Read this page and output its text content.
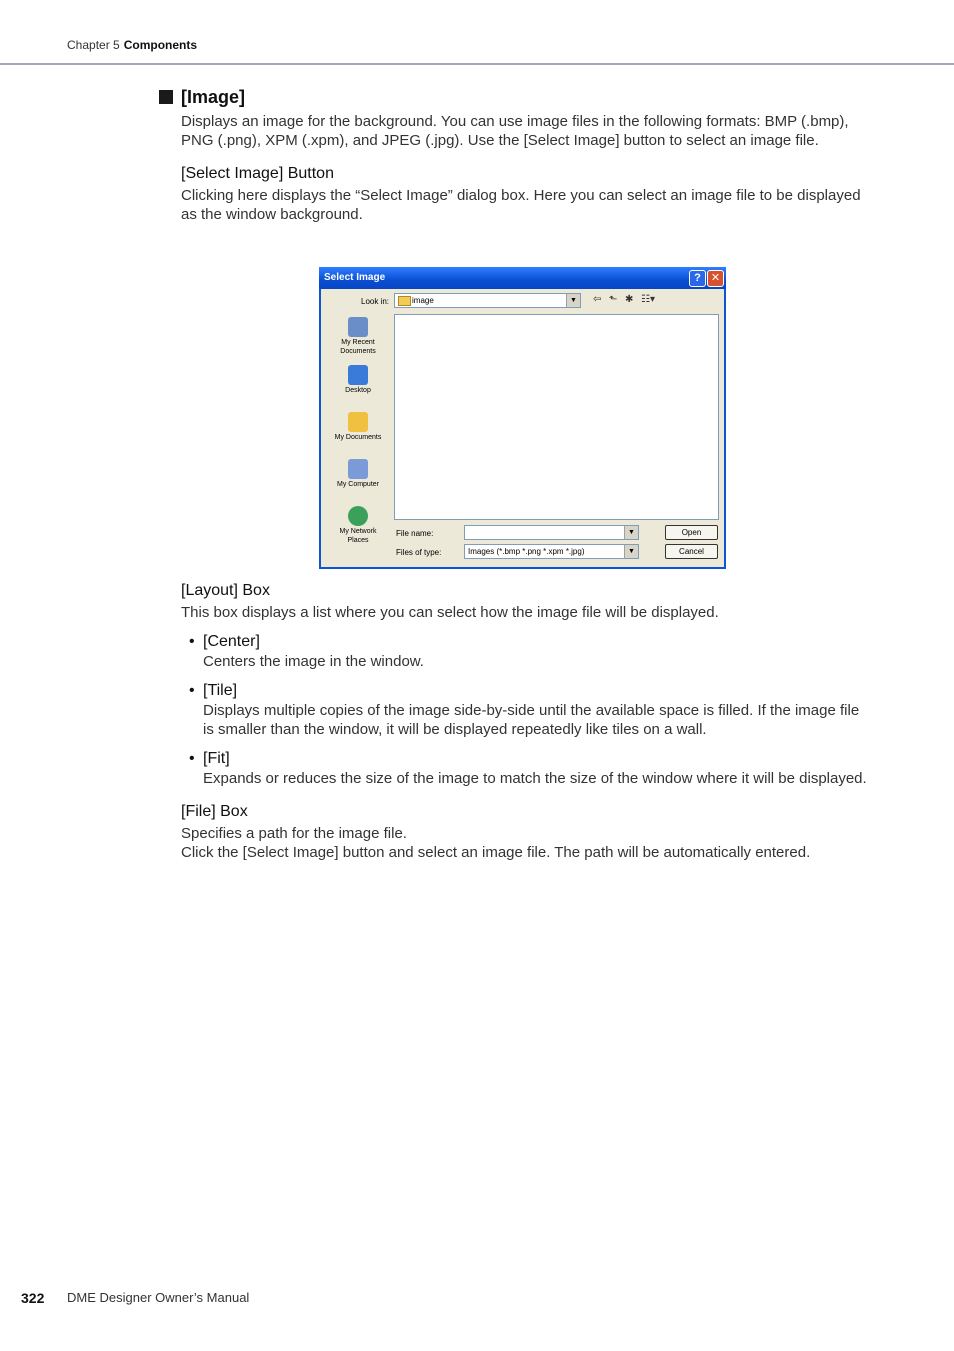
Chapter 5 Components
[Image]

Displays an image for the background. You can use image files in the following formats: BMP (.bmp), PNG (.png), XPM (.xpm), and JPEG (.jpg). Use the [Select Image] button to select an image file.

[Select Image] Button

Clicking here displays the “Select Image” dialog box. Here you can select an image file to be displayed as the window background.

[Layout] Box

This box displays a list where you can select how the image file will be displayed.

• [Center]
Centers the image in the window.
• [Tile]
Displays multiple copies of the image side-by-side until the available space is filled. If the image file is smaller than the window, it will be displayed repeatedly like tiles on a wall.
• [Fit]
Expands or reduces the size of the image to match the size of the window where it will be displayed.
[File] Box

Specifies a path for the image file.

Click the [Select Image] button and select an image file. The path will be automatically entered.

Select Image	? ✕
Look in:	image	▼	⇦ ⬑ ✱ ☷▾
My Recent
Documents
Desktop
My Documents
My Computer
My Network
Places
File name:	▼
Files of type:	Images (*.bmp *.png *.xpm *.jpg)	▼
Open
Cancel
322 DME Designer Owner’s Manual
